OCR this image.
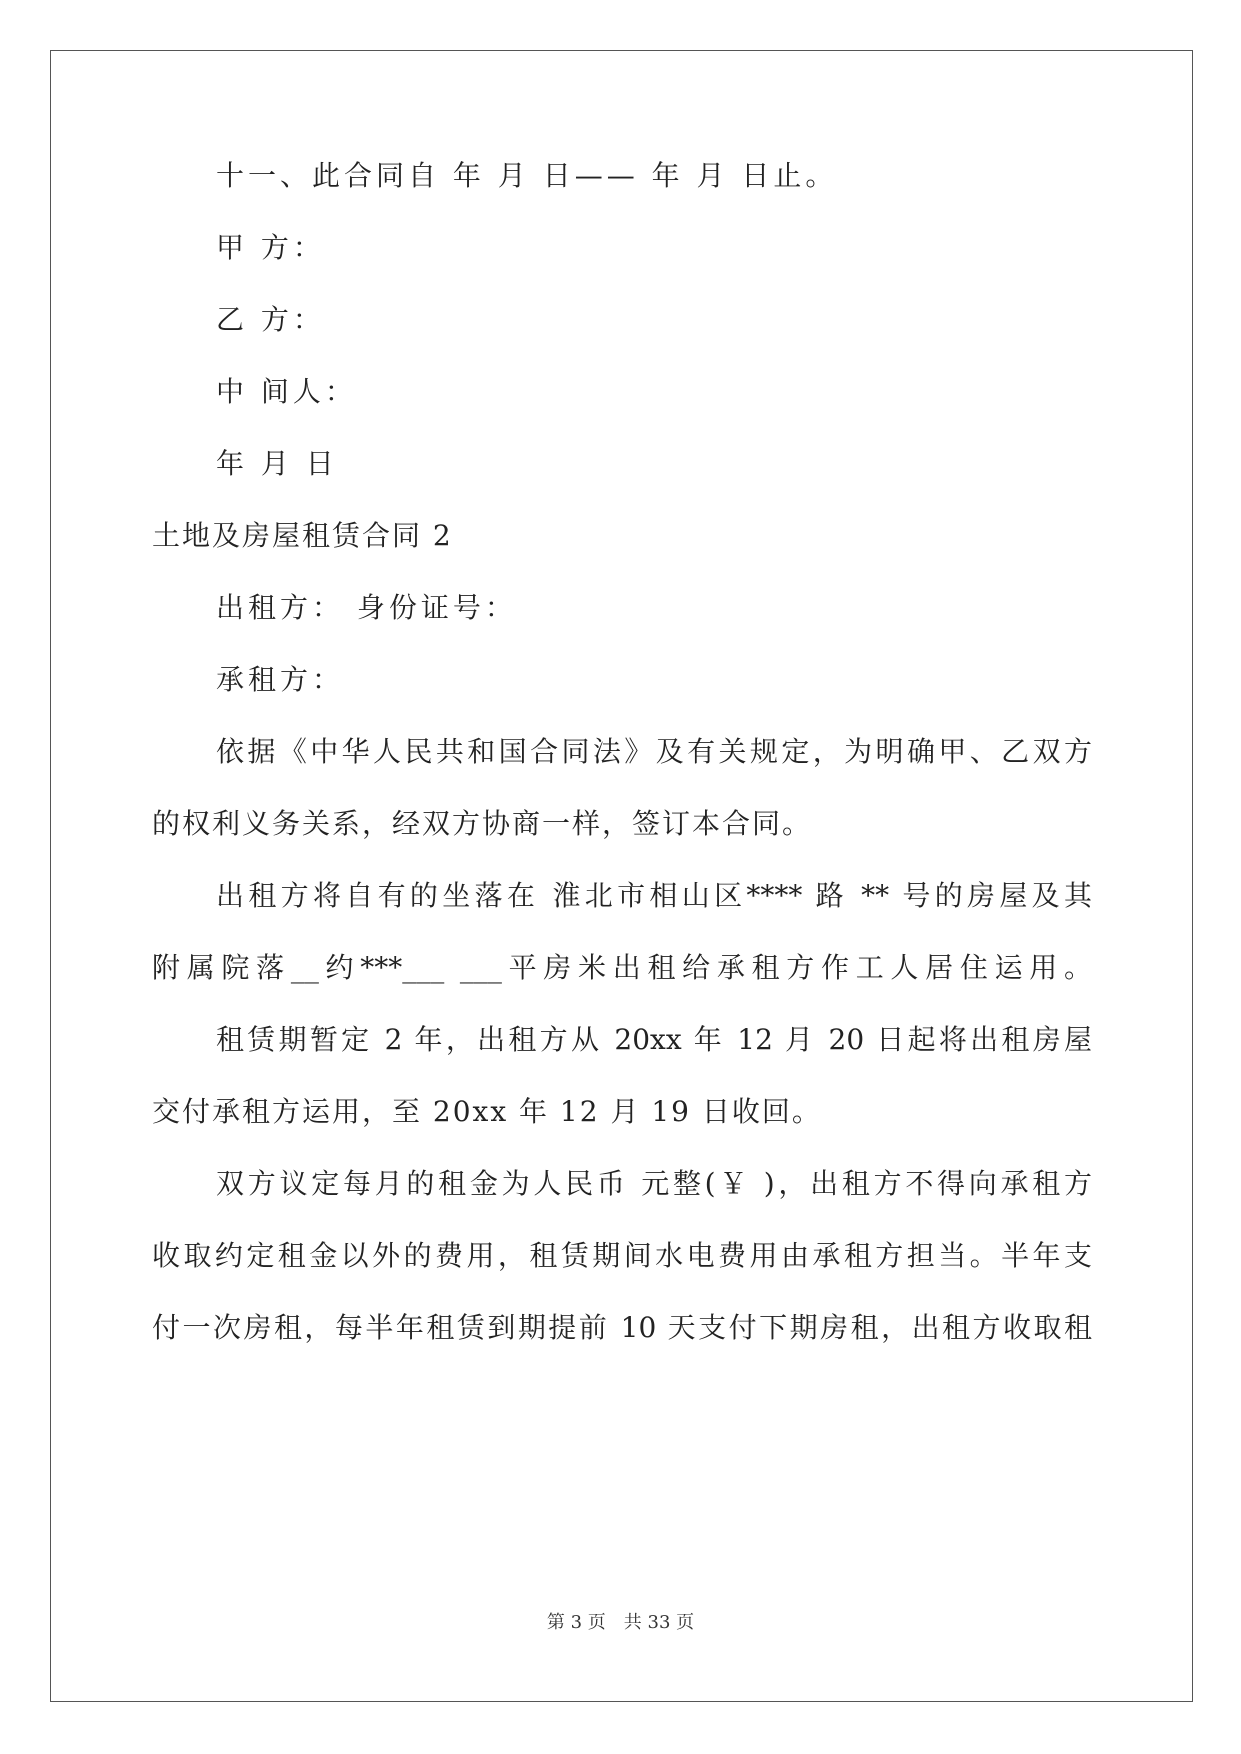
十一、此合同自 年 月 日—— 年 月 日止。
甲 方：
乙 方：
中 间人：
年 月 日
土地及房屋租赁合同 2
出租方： 身份证号：
承租方：
依据《中华人民共和国合同法》及有关规定，为明确甲、乙双方
的权利义务关系，经双方协商一样，签订本合同。
出租方将自有的坐落在 淮北市相山区**** 路 ** 号的房屋及其
附属院落__约***___ ___平房米出租给承租方作工人居住运用。
租赁期暂定 2 年，出租方从 20xx 年 12 月 20 日起将出租房屋
交付承租方运用，至 20xx 年 12 月 19 日收回。
双方议定每月的租金为人民币 元整(￥ )，出租方不得向承租方
收取约定租金以外的费用，租赁期间水电费用由承租方担当。半年支
付一次房租，每半年租赁到期提前 10 天支付下期房租，出租方收取租
第 3 页　共 33 页
